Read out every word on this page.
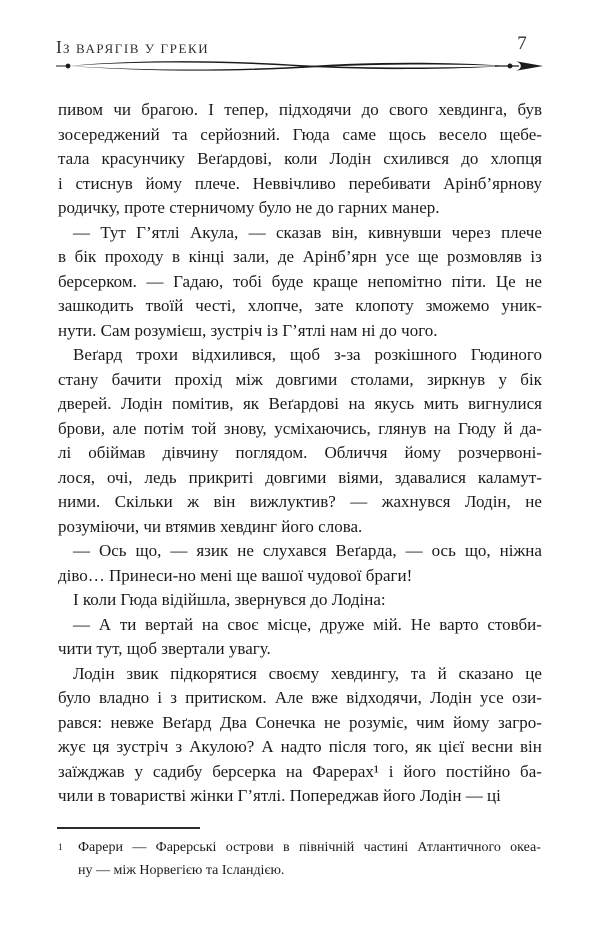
ІЗ ВАРЯГІВ У ГРЕКИ	7
пивом чи брагою. І тепер, підходячи до свого хевдинга, був
зосереджений та серйозний. Гюда саме щось весело щебе-
тала красунчику Веґардові, коли Лодін схилився до хлопця
і стиснув йому плече. Неввічливо перебивати Арінб’ярнову
родичку, проте стерничому було не до гарних манер.
— Тут Г’ятлі Акула, — сказав він, кивнувши через плече
в бік проходу в кінці зали, де Арінб’ярн усе ще розмовляв із
берсерком. — Гадаю, тобі буде краще непомітно піти. Це не
зашкодить твоїй честі, хлопче, зате клопоту зможемо уник-
нути. Сам розумієш, зустріч із Г’ятлі нам ні до чого.
Веґард трохи відхилився, щоб з-за розкішного Гюдиного
стану бачити прохід між довгими столами, зиркнув у бік
дверей. Лодін помітив, як Веґардові на якусь мить вигнулися
брови, але потім той знову, усміхаючись, глянув на Гюду й да-
лі обіймав дівчину поглядом. Обличчя йому розчервоні-
лося, очі, ледь прикриті довгими віями, здавалися каламут-
ними. Скільки ж він вижлуктив? — жахнувся Лодін, не
розуміючи, чи втямив хевдинг його слова.
— Ось що, — язик не слухався Веґарда, — ось що, ніжна
діво… Принеси-но мені ще вашої чудової браги!
І коли Гюда відійшла, звернувся до Лодіна:
— А ти вертай на своє місце, друже мій. Не варто стовби-
чити тут, щоб звертали увагу.
Лодін звик підкорятися своєму хевдингу, та й сказано це
було владно і з притиском. Але вже відходячи, Лодін усе ози-
рався: невже Веґард Два Сонечка не розуміє, чим йому загро-
жує ця зустріч з Акулою? А надто після того, як цієї весни він
заїжджав у садибу берсерка на Фарерах¹ і його постійно ба-
чили в товаристві жінки Г’ятлі. Попереджав його Лодін — ці
1 Фарери — Фарерські острови в північній частині Атлантичного океа-
ну — між Норвегією та Ісландією.
